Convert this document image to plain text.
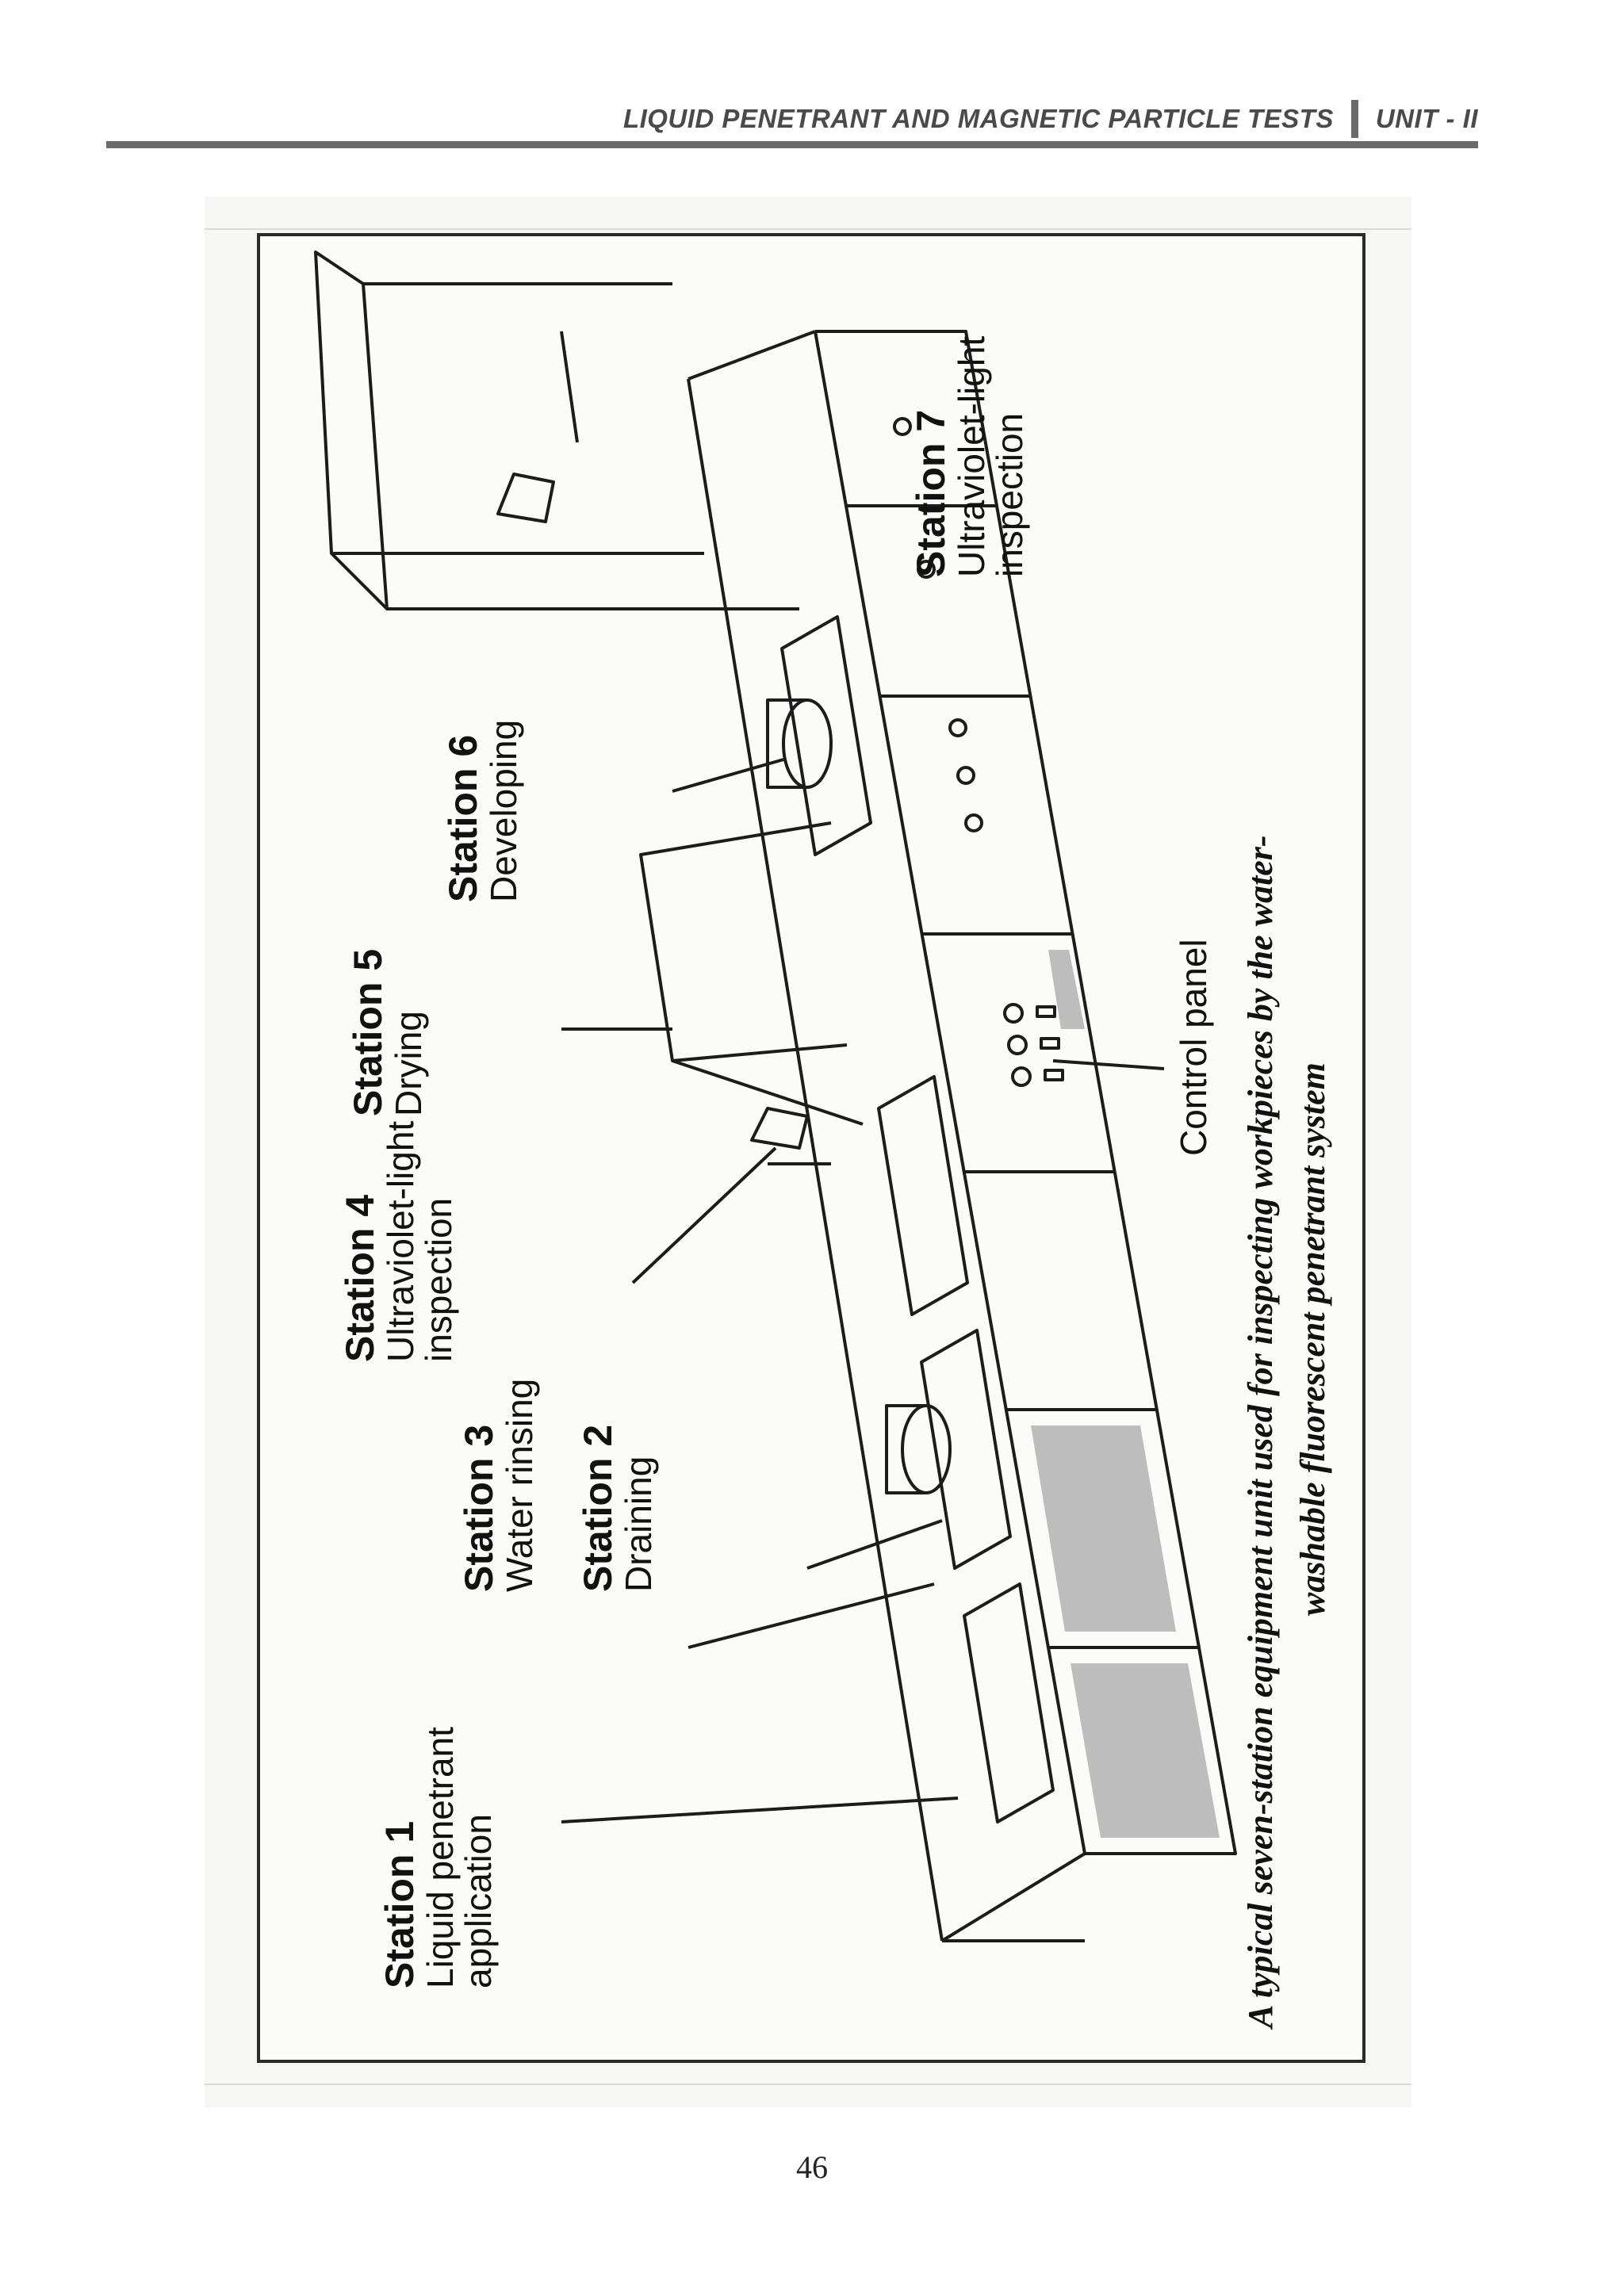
LIQUID PENETRANT AND MAGNETIC PARTICLE TESTS UNIT - II
Station 1
Liquid penetrant
application
Station 2
Draining
Station 3
Water rinsing
Station 4
Ultraviolet-light
inspection
Station 5
Drying
Station 6
Developing
Station 7
Ultraviolet-light
inspection
Control panel A typical seven-station equipment unit used for inspecting workpieces by the water- washable fluorescent penetrant system
46
